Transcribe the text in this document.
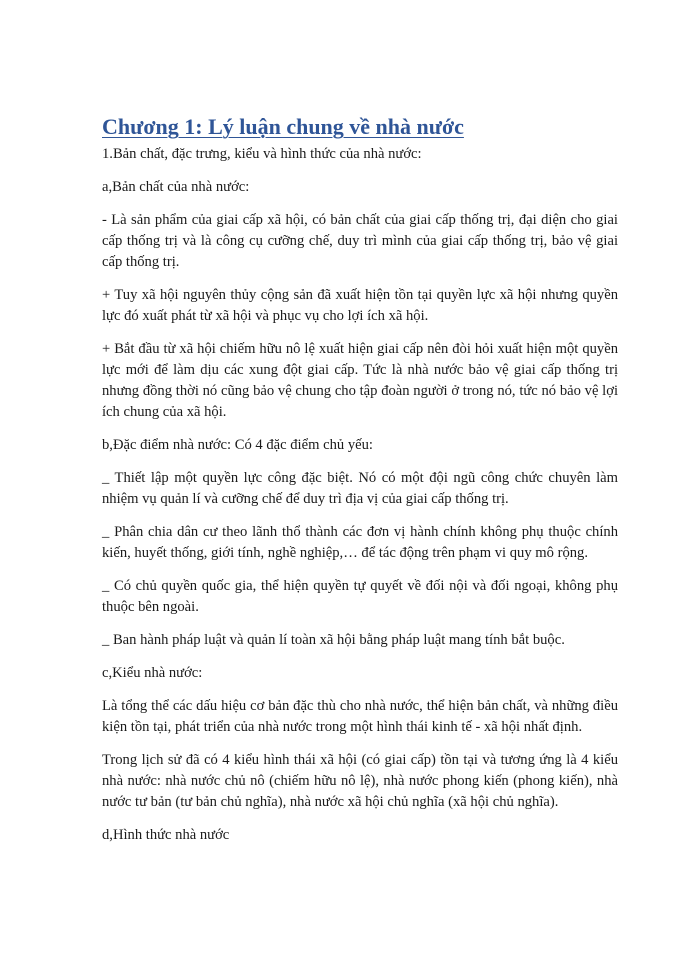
Chương 1: Lý luận chung về nhà nước

1.Bản chất, đặc trưng, kiểu và hình thức của nhà nước:

a,Bản chất của nhà nước:

- Là sản phẩm của giai cấp xã hội, có bản chất của giai cấp thống trị, đại diện cho giai cấp thống trị và là công cụ cưỡng chế, duy trì mình của giai cấp thống trị, bảo vệ giai cấp thống trị.

+ Tuy xã hội nguyên thủy cộng sản đã xuất hiện tồn tại quyền lực xã hội nhưng quyền lực đó xuất phát từ xã hội và phục vụ cho lợi ích xã hội.

+ Bắt đầu từ xã hội chiếm hữu nô lệ xuất hiện giai cấp nên đòi hỏi xuất hiện một quyền lực mới để làm dịu các xung đột giai cấp. Tức là nhà nước bảo vệ giai cấp thống trị nhưng đồng thời nó cũng bảo vệ chung cho tập đoàn người ở trong nó, tức nó bảo vệ lợi ích chung của xã hội.

b,Đặc điểm nhà nước: Có 4 đặc điểm chủ yếu:

_ Thiết lập một quyền lực công đặc biệt. Nó có một đội ngũ công chức chuyên làm nhiệm vụ quản lí và cưỡng chế để duy trì địa vị của giai cấp thống trị.

_ Phân chia dân cư theo lãnh thổ thành các đơn vị hành chính không phụ thuộc chính kiến, huyết thống, giới tính, nghề nghiệp,… để tác động trên phạm vi quy mô rộng.

_ Có chủ quyền quốc gia, thể hiện quyền tự quyết về đối nội và đối ngoại, không phụ thuộc bên ngoài.

_ Ban hành pháp luật và quản lí toàn xã hội bằng pháp luật mang tính bắt buộc.

c,Kiểu nhà nước:

Là tổng thể các dấu hiệu cơ bản đặc thù cho nhà nước, thể hiện bản chất, và những điều kiện tồn tại, phát triển của nhà nước trong một hình thái kinh tế - xã hội nhất định.

Trong lịch sử đã có 4 kiểu hình thái xã hội (có giai cấp) tồn tại và tương ứng là 4 kiểu nhà nước: nhà nước chủ nô (chiếm hữu nô lệ), nhà nước phong kiến (phong kiến), nhà nước tư bản (tư bản chủ nghĩa), nhà nước xã hội chủ nghĩa (xã hội chủ nghĩa).

d,Hình thức nhà nước
